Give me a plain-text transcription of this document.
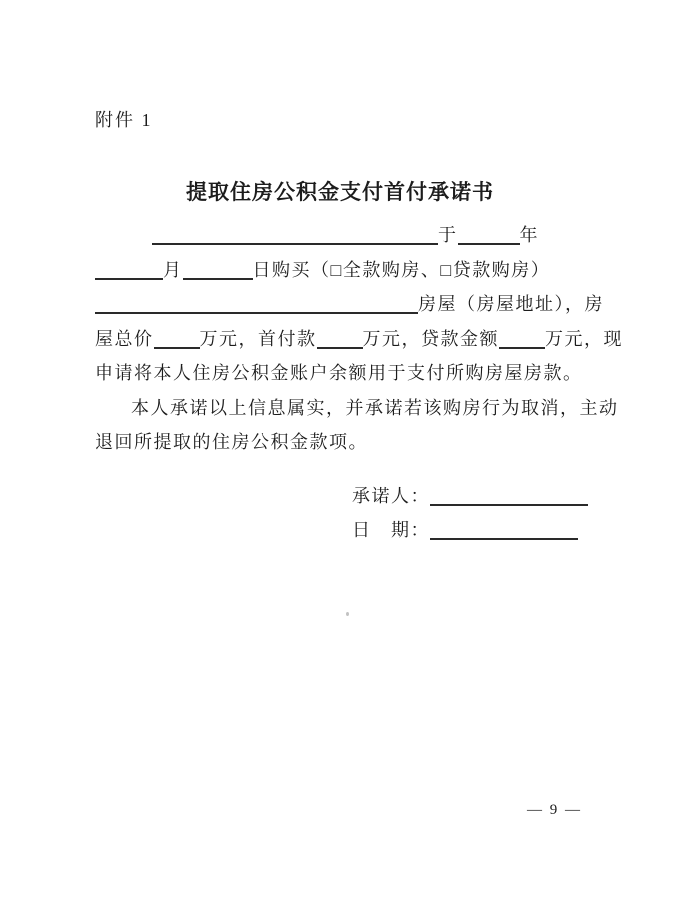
附件 1
提取住房公积金支付首付承诺书
于	年
月	日购买（□全款购房、□贷款购房）
房屋（房屋地址），房
屋总价	万元，首付款	万元，贷款金额	万元，现
申请将本人住房公积金账户余额用于支付所购房屋房款。
本人承诺以上信息属实，并承诺若该购房行为取消，主动
退回所提取的住房公积金款项。
承诺人：
日　期：
— 9 —
